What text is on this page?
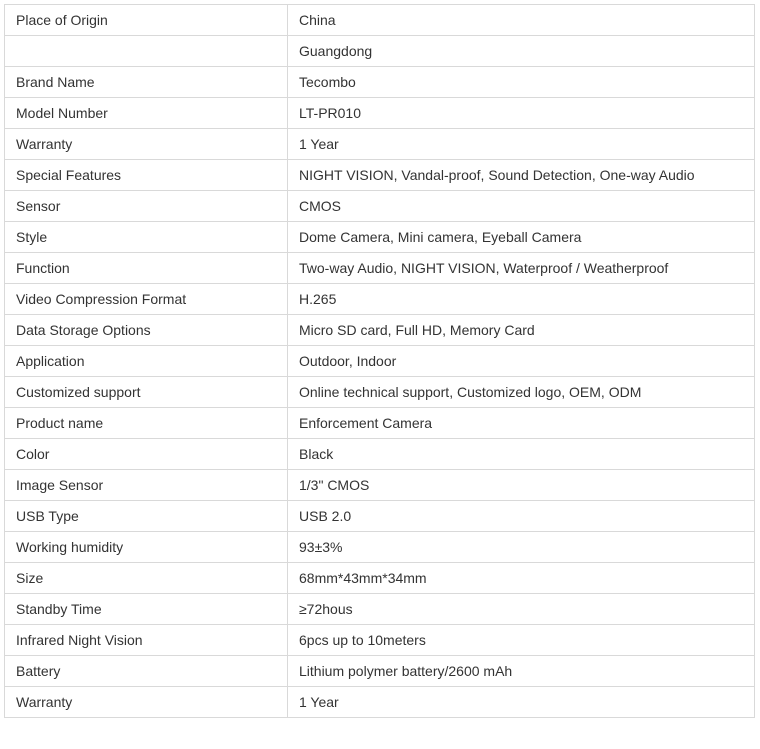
Place of Origin	China
	Guangdong
Brand Name	Tecombo
Model Number	LT-PR010
Warranty	1 Year
Special Features	NIGHT VISION, Vandal-proof, Sound Detection, One-way Audio
Sensor	CMOS
Style	Dome Camera, Mini camera, Eyeball Camera
Function	Two-way Audio, NIGHT VISION, Waterproof / Weatherproof
Video Compression Format	H.265
Data Storage Options	Micro SD card, Full HD, Memory Card
Application	Outdoor, Indoor
Customized support	Online technical support, Customized logo, OEM, ODM
Product name	Enforcement Camera
Color	Black
Image Sensor	1/3" CMOS
USB Type	USB 2.0
Working humidity	93±3%
Size	68mm*43mm*34mm
Standby Time	≥72hous
Infrared Night Vision	6pcs up to 10meters
Battery	Lithium polymer battery/2600 mAh
Warranty	1 Year
